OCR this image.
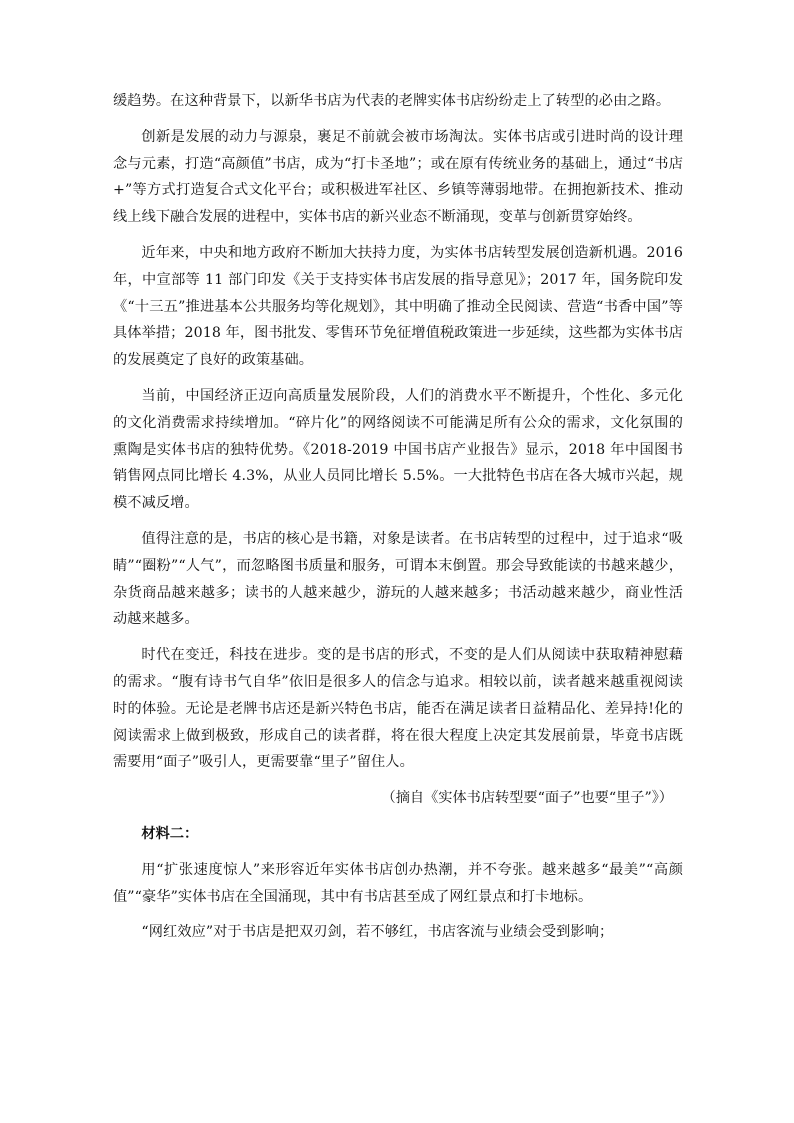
缓趋势。在这种背景下，以新华书店为代表的老牌实体书店纷纷走上了转型的必由之路。

创新是发展的动力与源泉，裹足不前就会被市场淘汰。实体书店或引进时尚的设计理念与元素，打造“高颜值”书店，成为“打卡圣地”；或在原有传统业务的基础上，通过“书店+”等方式打造复合式文化平台；或积极进军社区、乡镇等薄弱地带。在拥抱新技术、推动线上线下融合发展的进程中，实体书店的新兴业态不断涌现，变革与创新贯穿始终。

近年来，中央和地方政府不断加大扶持力度，为实体书店转型发展创造新机遇。2016 年，中宣部等 11 部门印发《关于支持实体书店发展的指导意见》；2017 年，国务院印发《“十三五”推进基本公共服务均等化规划》，其中明确了推动全民阅读、营造“书香中国”等具体举措；2018 年，图书批发、零售环节免征增值税政策进一步延续，这些都为实体书店的发展奠定了良好的政策基础。

当前，中国经济正迈向高质量发展阶段，人们的消费水平不断提升，个性化、多元化的文化消费需求持续增加。“碎片化”的网络阅读不可能满足所有公众的需求，文化氛围的熏陶是实体书店的独特优势。《2018-2019 中国书店产业报告》显示，2018 年中国图书销售网点同比增长 4.3%，从业人员同比增长 5.5%。一大批特色书店在各大城市兴起，规模不减反增。

值得注意的是，书店的核心是书籍，对象是读者。在书店转型的过程中，过于追求“吸睛”“圈粉”“人气”，而忽略图书质量和服务，可谓本末倒置。那会导致能读的书越来越少，杂货商品越来越多；读书的人越来越少，游玩的人越来越多；书活动越来越少，商业性活动越来越多。

时代在变迁，科技在进步。变的是书店的形式，不变的是人们从阅读中获取精神慰藉的需求。“腹有诗书气自华”依旧是很多人的信念与追求。相较以前，读者越来越重视阅读时的体验。无论是老牌书店还是新兴特色书店，能否在满足读者日益精品化、差异持!化的阅读需求上做到极致，形成自己的读者群，将在很大程度上决定其发展前景，毕竟书店既需要用“面子”吸引人，更需要靠“里子”留住人。

（摘自《实体书店转型要“面子”也要“里子”》）

材料二：

用“扩张速度惊人”来形容近年实体书店创办热潮，并不夸张。越来越多“最美”“高颜值”“豪华”实体书店在全国涌现，其中有书店甚至成了网红景点和打卡地标。

“网红效应”对于书店是把双刃剑，若不够红，书店客流与业绩会受到影响；
